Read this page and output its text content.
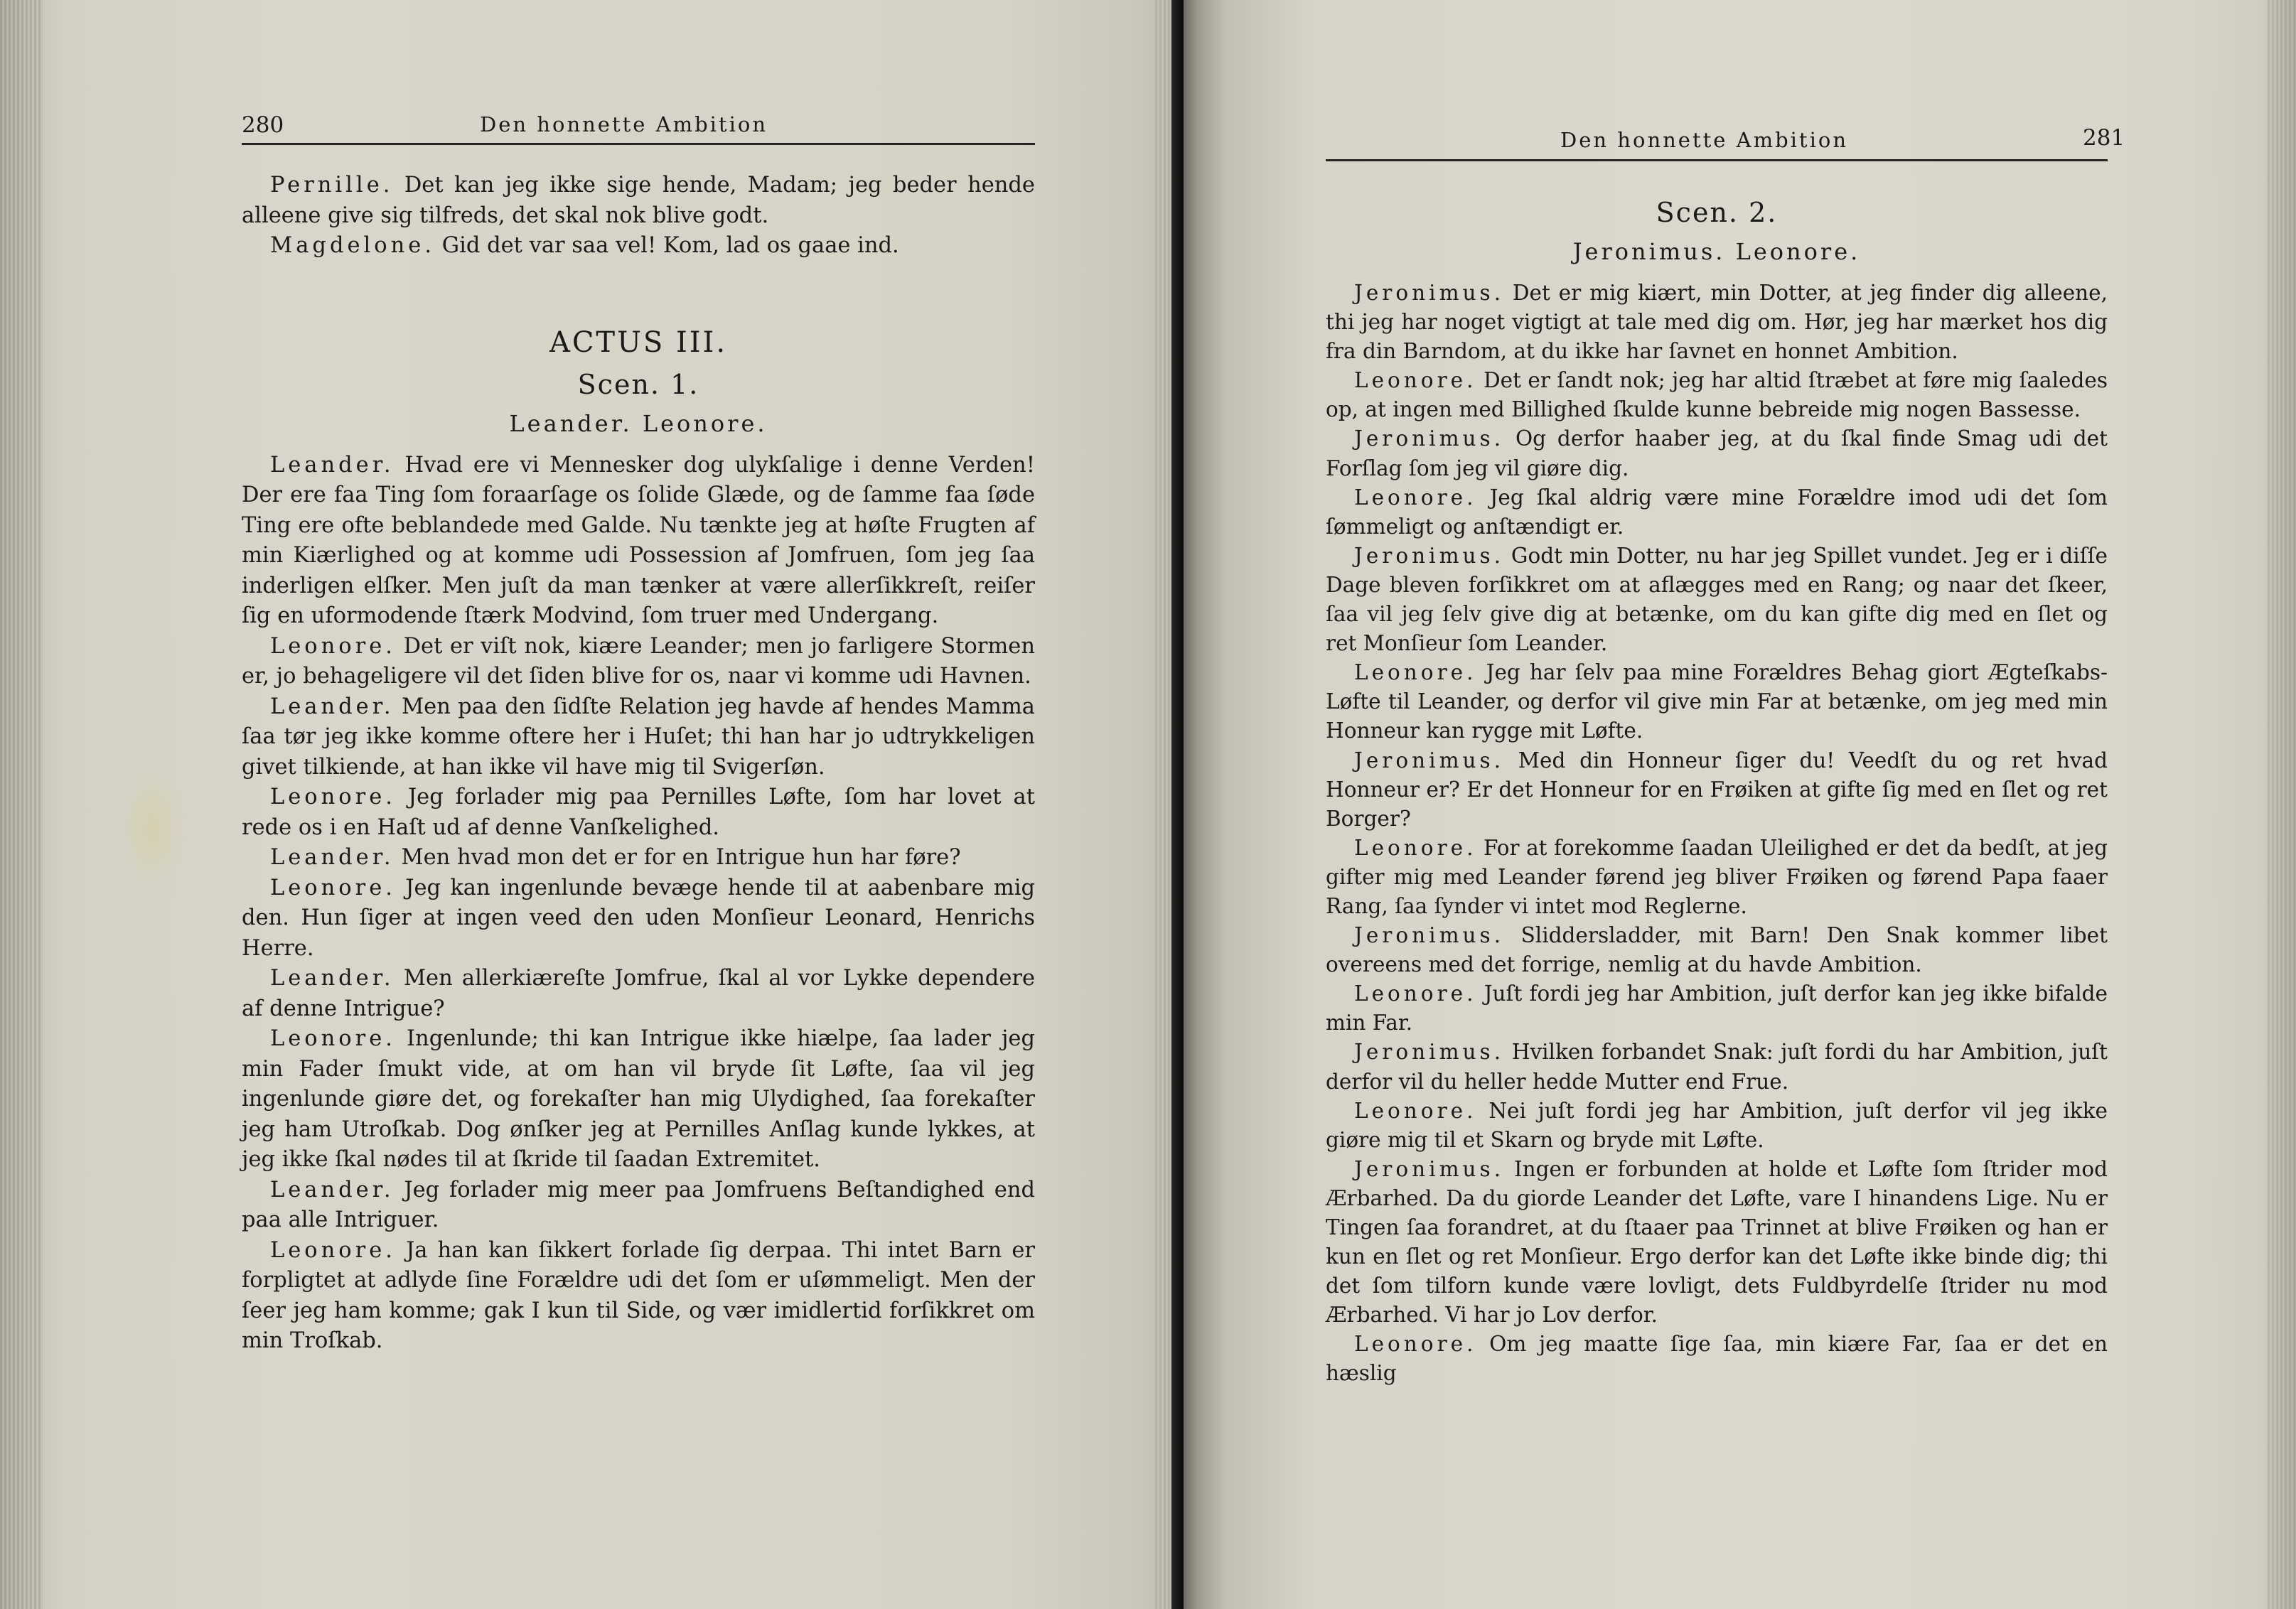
280	Den honnette Ambition

Pernille. Det kan jeg ikke sige hende, Madam; jeg beder hende alleene give sig tilfreds, det skal nok blive godt.

Magdelone. Gid det var saa vel! Kom, lad os gaae ind.

ACTUS III.

Scen. 1.

Leander. Leonore.

Leander. Hvad ere vi Mennesker dog ulykſalige i denne Verden! Der ere faa Ting ſom foraarſage os ſolide Glæde, og de ſamme faa ſøde Ting ere ofte beblandede med Galde. Nu tænkte jeg at høſte Frugten af min Kiærlighed og at komme udi Possession af Jomfruen, ſom jeg ſaa inderligen elſker. Men juſt da man tænker at være allerſikkreſt, reiſer ſig en uformodende ſtærk Modvind, ſom truer med Undergang.

Leonore. Det er viſt nok, kiære Leander; men jo farligere Stormen er, jo behageligere vil det ſiden blive for os, naar vi komme udi Havnen.

Leander. Men paa den ſidſte Relation jeg havde af hendes Mamma ſaa tør jeg ikke komme oftere her i Huſet; thi han har jo udtrykkeligen givet tilkiende, at han ikke vil have mig til Svigerſøn.

Leonore. Jeg forlader mig paa Pernilles Løfte, ſom har lovet at rede os i en Haſt ud af denne Vanſkelighed.

Leander. Men hvad mon det er for en Intrigue hun har føre?

Leonore. Jeg kan ingenlunde bevæge hende til at aabenbare mig den. Hun ſiger at ingen veed den uden Monſieur Leonard, Henrichs Herre.

Leander. Men allerkiæreſte Jomfrue, ſkal al vor Lykke dependere af denne Intrigue?

Leonore. Ingenlunde; thi kan Intrigue ikke hiælpe, ſaa lader jeg min Fader ſmukt vide, at om han vil bryde ſit Løfte, ſaa vil jeg ingenlunde giøre det, og forekaſter han mig Ulydighed, ſaa forekaſter jeg ham Utroſkab. Dog ønſker jeg at Pernilles Anſlag kunde lykkes, at jeg ikke ſkal nødes til at ſkride til ſaadan Extremitet.

Leander. Jeg forlader mig meer paa Jomfruens Beſtandighed end paa alle Intriguer.

Leonore. Ja han kan ſikkert forlade ſig derpaa. Thi intet Barn er forpligtet at adlyde ſine Forældre udi det ſom er uſømmeligt. Men der ſeer jeg ham komme; gak I kun til Side, og vær imidlertid forſikkret om min Troſkab.

Den honnette Ambition	281

Scen. 2.

Jeronimus. Leonore.

Jeronimus. Det er mig kiært, min Dotter, at jeg finder dig alleene, thi jeg har noget vigtigt at tale med dig om. Hør, jeg har mærket hos dig fra din Barndom, at du ikke har ſavnet en honnet Ambition.

Leonore. Det er ſandt nok; jeg har altid ſtræbet at føre mig ſaaledes op, at ingen med Billighed ſkulde kunne bebreide mig nogen Bassesse.

Jeronimus. Og derfor haaber jeg, at du ſkal finde Smag udi det Forſlag ſom jeg vil giøre dig.

Leonore. Jeg ſkal aldrig være mine Forældre imod udi det ſom ſømmeligt og anſtændigt er.

Jeronimus. Godt min Dotter, nu har jeg Spillet vundet. Jeg er i diſſe Dage bleven forſikkret om at aflægges med en Rang; og naar det ſkeer, ſaa vil jeg ſelv give dig at betænke, om du kan gifte dig med en ſlet og ret Monſieur ſom Leander.

Leonore. Jeg har ſelv paa mine Forældres Behag giort Ægteſkabs-Løfte til Leander, og derfor vil give min Far at betænke, om jeg med min Honneur kan rygge mit Løfte.

Jeronimus. Med din Honneur ſiger du! Veedſt du og ret hvad Honneur er? Er det Honneur for en Frøiken at gifte ſig med en ſlet og ret Borger?

Leonore. For at forekomme ſaadan Uleilighed er det da bedſt, at jeg gifter mig med Leander førend jeg bliver Frøiken og førend Papa faaer Rang, ſaa ſynder vi intet mod Reglerne.

Jeronimus. Sliddersladder, mit Barn! Den Snak kommer libet overeens med det forrige, nemlig at du havde Ambition.

Leonore. Juſt fordi jeg har Ambition, juſt derfor kan jeg ikke bifalde min Far.

Jeronimus. Hvilken forbandet Snak: juſt fordi du har Ambition, juſt derfor vil du heller hedde Mutter end Frue.

Leonore. Nei juſt fordi jeg har Ambition, juſt derfor vil jeg ikke giøre mig til et Skarn og bryde mit Løfte.

Jeronimus. Ingen er forbunden at holde et Løfte ſom ſtrider mod Ærbarhed. Da du giorde Leander det Løfte, vare I hinandens Lige. Nu er Tingen ſaa forandret, at du ſtaaer paa Trinnet at blive Frøiken og han er kun en ſlet og ret Monſieur. Ergo derfor kan det Løfte ikke binde dig; thi det ſom tilforn kunde være lovligt, dets Fuldbyrdelſe ſtrider nu mod Ærbarhed. Vi har jo Lov derfor.

Leonore. Om jeg maatte ſige ſaa, min kiære Far, ſaa er det en hæslig
